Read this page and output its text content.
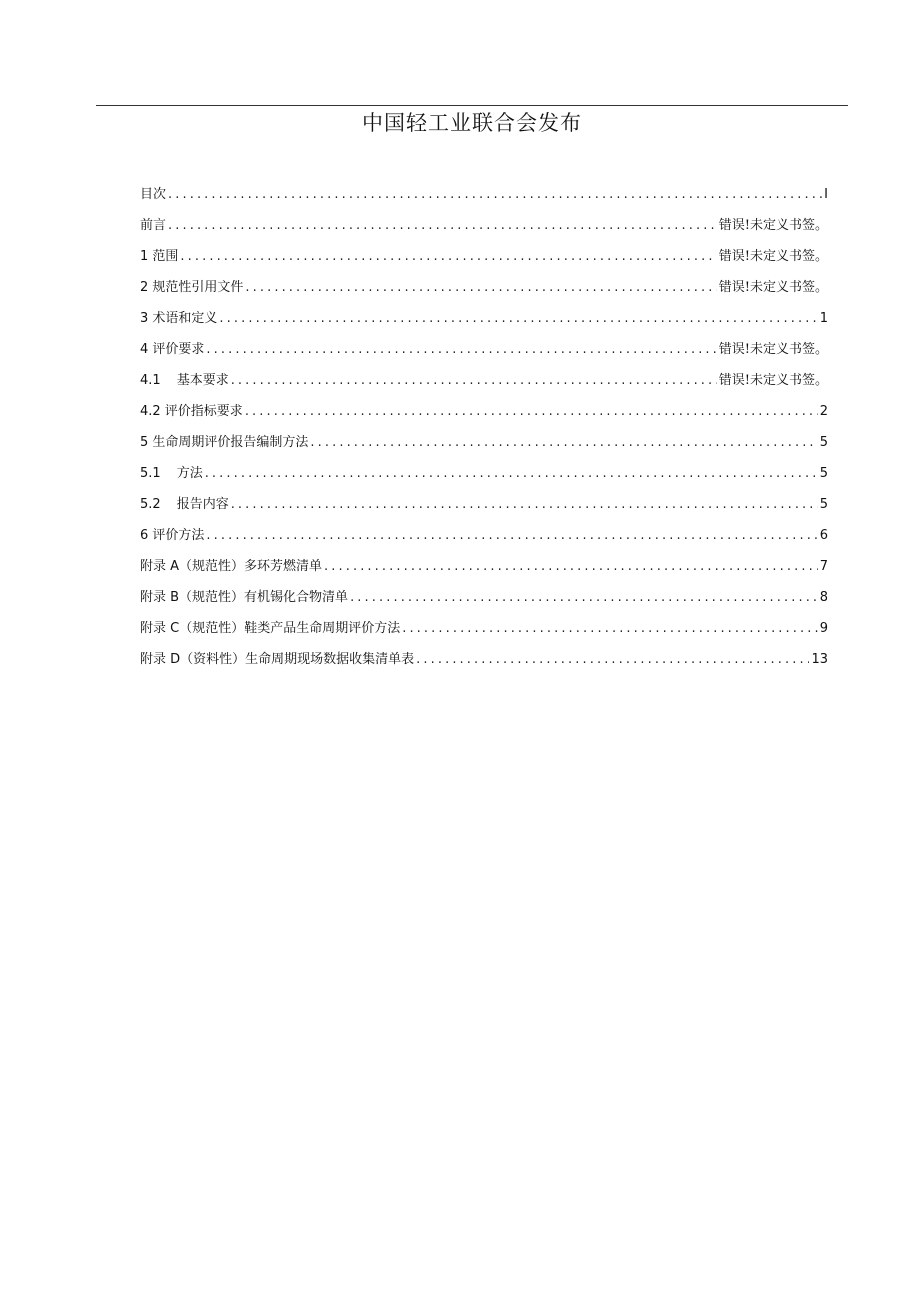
中国轻工业联合会发布
目次 .....	I
前言 .....	错误!未定义书签。
1 范围 .....	错误!未定义书签。
2 规范性引用文件 .....	错误!未定义书签。
3 术语和定义 .....	1
4 评价要求 .....	错误!未定义书签。
4.1 基本要求 .....	错误!未定义书签。
4.2 评价指标要求 .....	2
5 生命周期评价报告编制方法 .....	5
5.1 方法 .....	5
5.2 报告内容 .....	5
6 评价方法 .....	6
附录 A（规范性）多环芳燃清单 .....	7
附录 B（规范性）有机锡化合物清单 .....	8
附录 C（规范性）鞋类产品生命周期评价方法 .....	9
附录 D（资料性）生命周期现场数据收集清单表 .....	13
